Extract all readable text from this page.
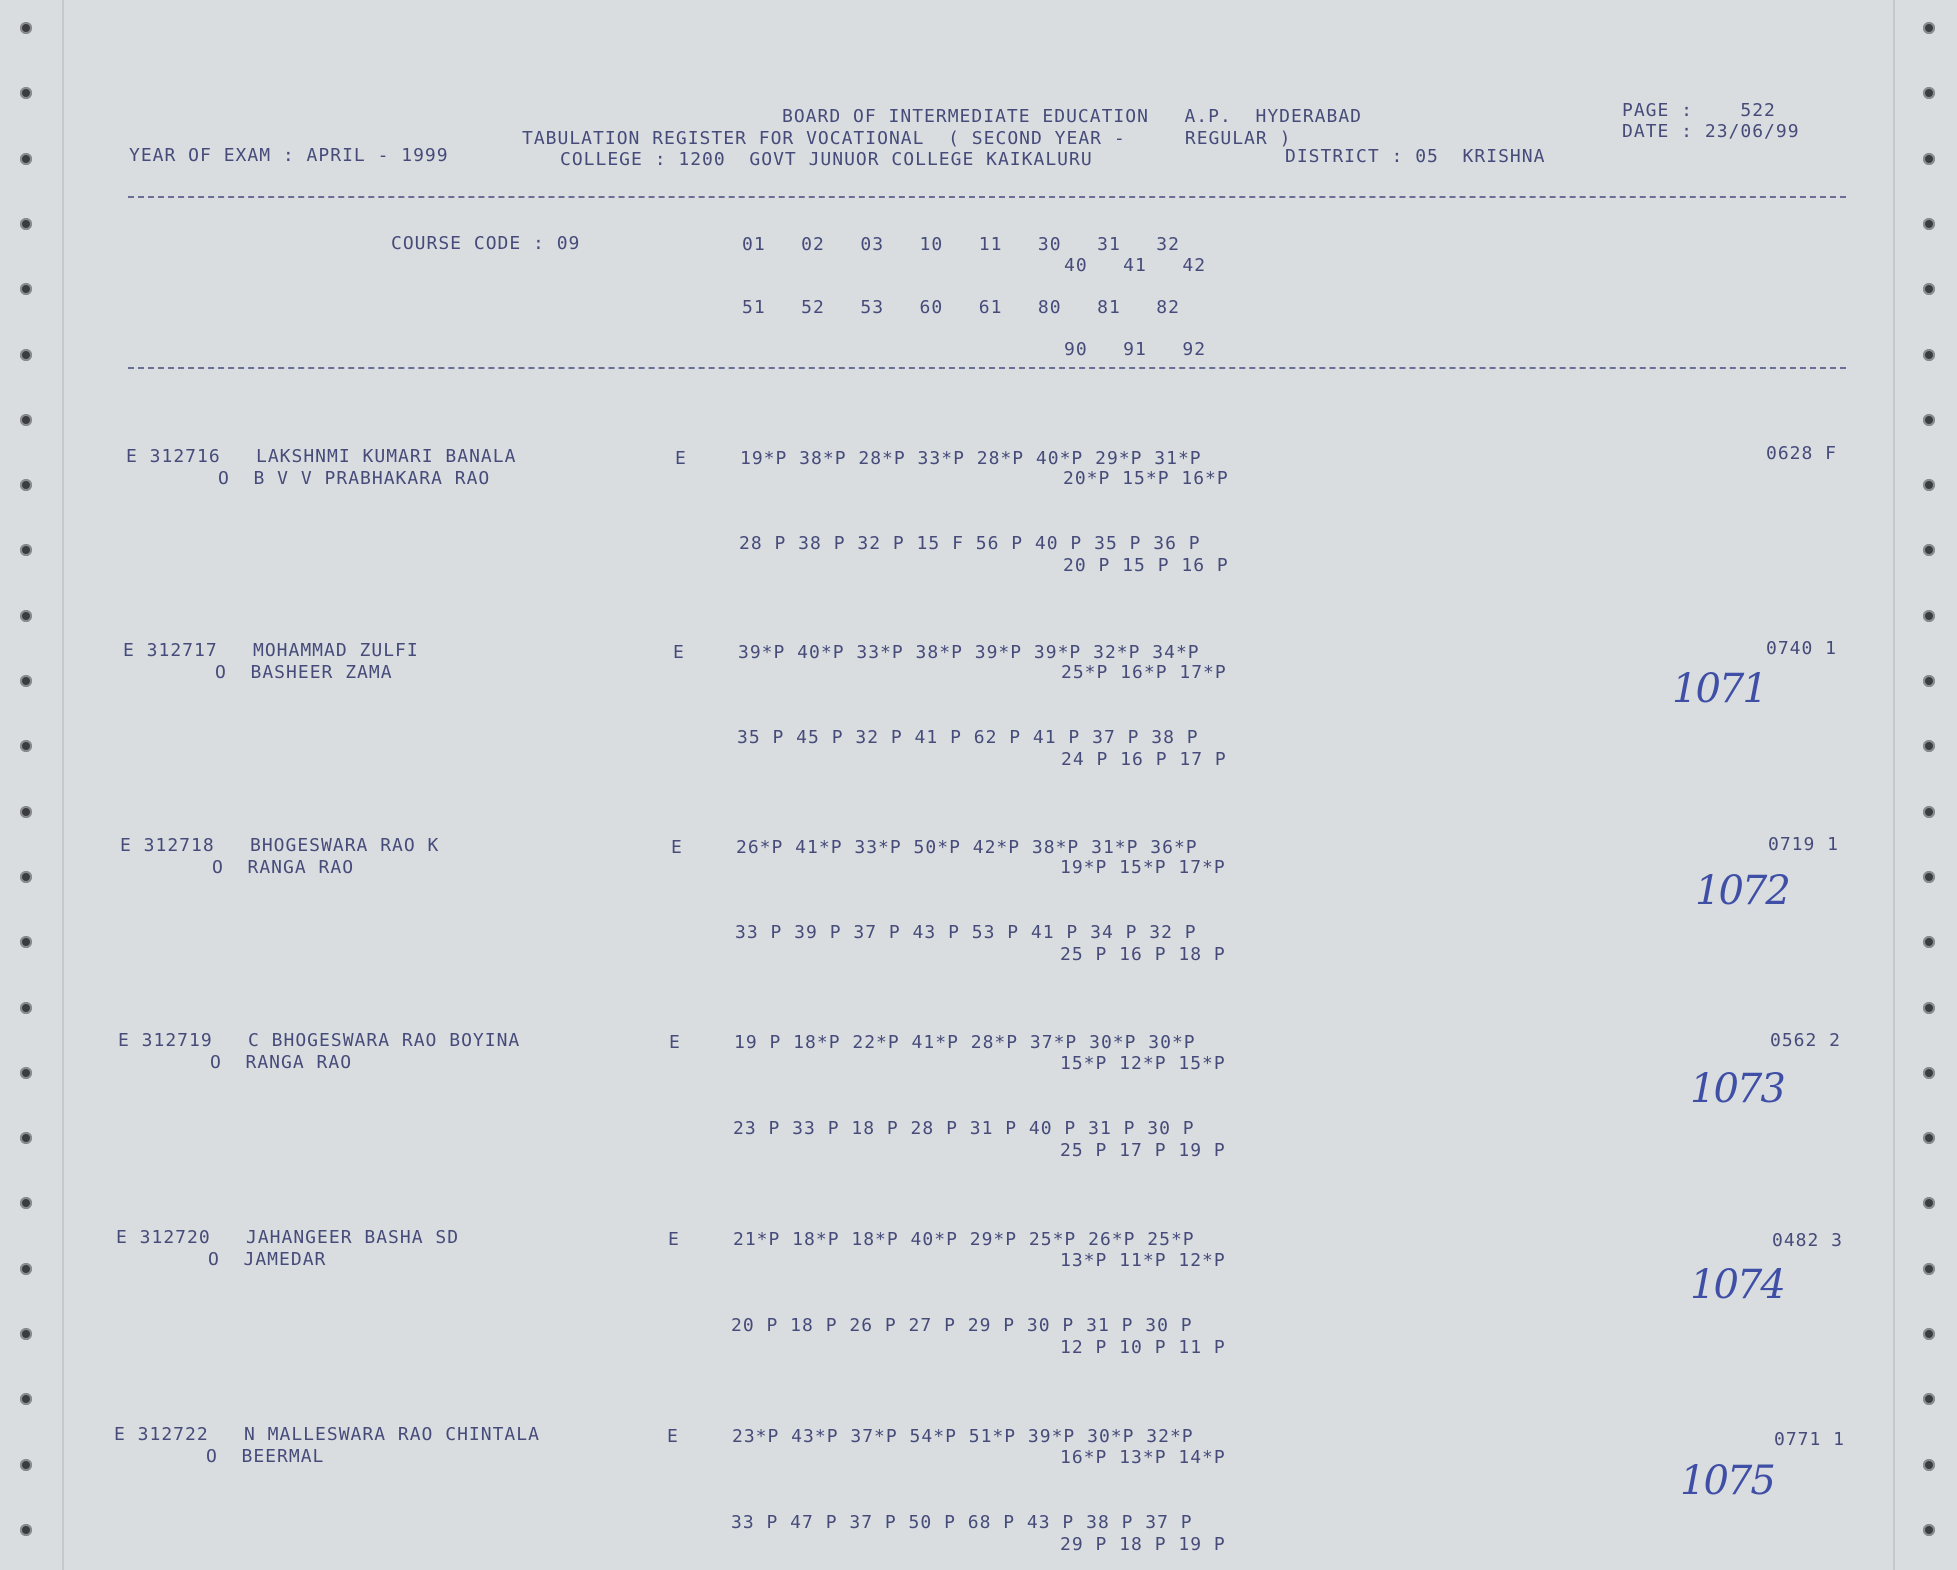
BOARD OF INTERMEDIATE EDUCATION   A.P.  HYDERABAD
TABULATION REGISTER FOR VOCATIONAL  ( SECOND YEAR -     REGULAR )
YEAR OF EXAM : APRIL - 1999	COLLEGE : 1200  GOVT JUNUOR COLLEGE KAIKALURU	DISTRICT : 05  KRISHNA
PAGE :    522
DATE : 23/06/99
COURSE CODE : 09	01   02   03   10   11   30   31   32
40   41   42
51   52   53   60   61   80   81   82
90   91   92
E 312716 LAKSHNMI KUMARI BANALA
O  B V V PRABHAKARA RAO
E	19*P 38*P 28*P 33*P 28*P 40*P 29*P 31*P
20*P 15*P 16*P
28 P 38 P 32 P 15 F 56 P 40 P 35 P 36 P
20 P 15 P 16 P
0628 F
E 312717 MOHAMMAD ZULFI
O  BASHEER ZAMA
E	39*P 40*P 33*P 38*P 39*P 39*P 32*P 34*P
25*P 16*P 17*P
35 P 45 P 32 P 41 P 62 P 41 P 37 P 38 P
24 P 16 P 17 P
0740 1
1071
E 312718 BHOGESWARA RAO K
O  RANGA RAO
E	26*P 41*P 33*P 50*P 42*P 38*P 31*P 36*P
19*P 15*P 17*P
33 P 39 P 37 P 43 P 53 P 41 P 34 P 32 P
25 P 16 P 18 P
0719 1
1072
E 312719 C BHOGESWARA RAO BOYINA
O  RANGA RAO
E	19 P 18*P 22*P 41*P 28*P 37*P 30*P 30*P
15*P 12*P 15*P
23 P 33 P 18 P 28 P 31 P 40 P 31 P 30 P
25 P 17 P 19 P
0562 2
1073
E 312720 JAHANGEER BASHA SD
O  JAMEDAR
E	21*P 18*P 18*P 40*P 29*P 25*P 26*P 25*P
13*P 11*P 12*P
20 P 18 P 26 P 27 P 29 P 30 P 31 P 30 P
12 P 10 P 11 P
0482 3
1074
E 312722 N MALLESWARA RAO CHINTALA
O  BEERMAL
E	23*P 43*P 37*P 54*P 51*P 39*P 30*P 32*P
16*P 13*P 14*P
33 P 47 P 37 P 50 P 68 P 43 P 38 P 37 P
29 P 18 P 19 P
0771 1
1075
